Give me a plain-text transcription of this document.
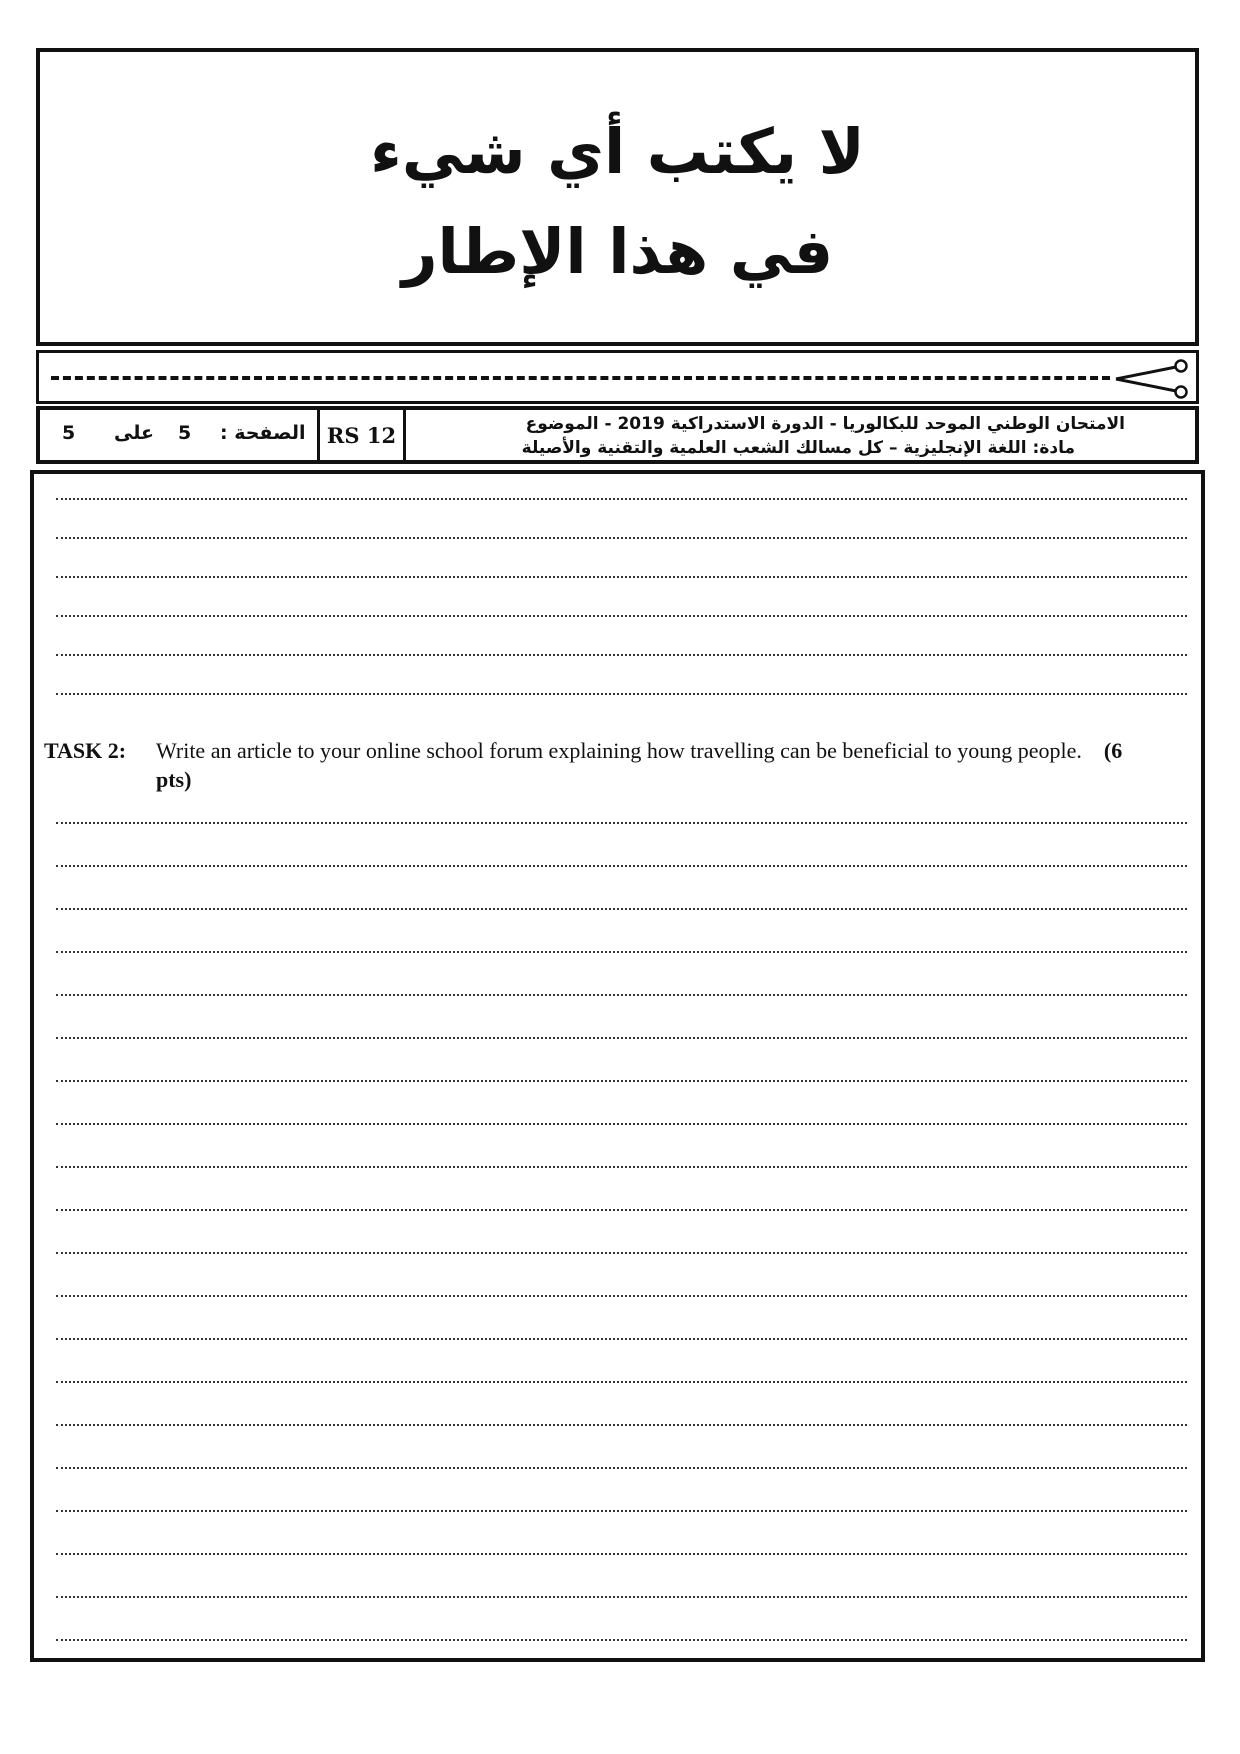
لا يكتب أي شيء
في هذا الإطار
5 على 5 الصفحة :	RS 12	الامتحان الوطني الموحد للبكالوريا - الدورة الاستدراكية 2019 - الموضوع
مادة: اللغة الإنجليزية – كل مسالك الشعب العلمية والتقنية والأصيلة
TASK 2: Write an article to your online school forum explaining how travelling can be beneficial to young people. (6 pts)
